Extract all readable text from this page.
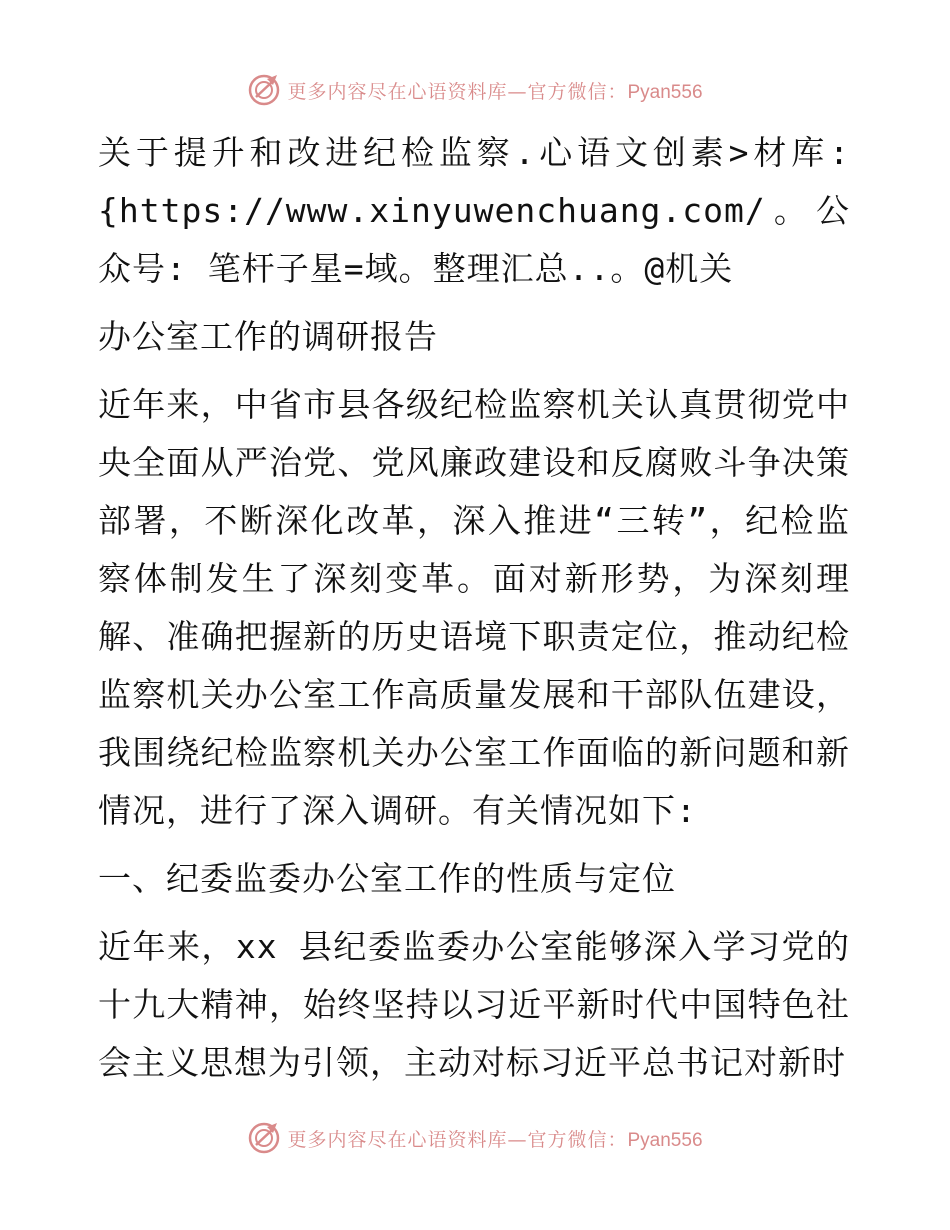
更多内容尽在心语资料库—官方微信：Pyan556

关于提升和改进纪检监察.心语文创素>材库:{https://www.xinyuwenchuang.com/。公众号: 笔杆子星=域。整理汇总..。@机关

办公室工作的调研报告

近年来，中省市县各级纪检监察机关认真贯彻党中央全面从严治党、党风廉政建设和反腐败斗争决策部署，不断深化改革，深入推进“三转”，纪检监察体制发生了深刻变革。面对新形势，为深刻理解、准确把握新的历史语境下职责定位，推动纪检监察机关办公室工作高质量发展和干部队伍建设，我围绕纪检监察机关办公室工作面临的新问题和新情况，进行了深入调研。有关情况如下:

一、纪委监委办公室工作的性质与定位

近年来，xx 县纪委监委办公室能够深入学习党的十九大精神，始终坚持以习近平新时代中国特色社会主义思想为引领，主动对标习近平总书记对新时

更多内容尽在心语资料库—官方微信：Pyan556
